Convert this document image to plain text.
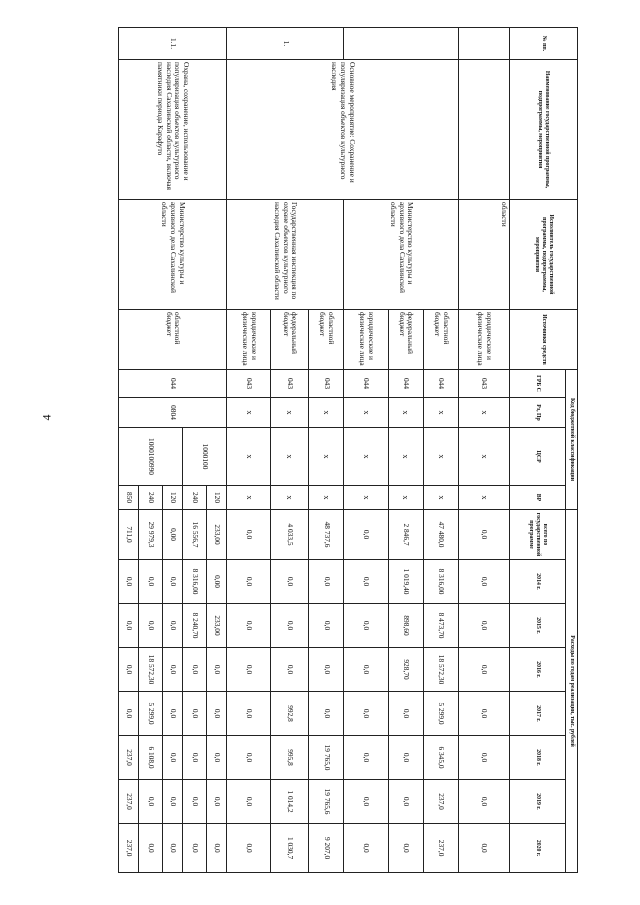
4
№ пп.	Наименование государственной программы, подпрограммы, мероприятия	Исполнитель государственной программы, подпрограммы, мероприятия	Источники средств	Код бюджетной классификации				Расходы по годам реализации, тыс. рублей							
				ГРБ С	Рз, Пр	ЦСР	ВР	всего по государственной программе	2014 г.	2015 г.	2016 г.	2017 г.	2018 г.	2019 г.	2020 г.
		области	юридические и физические лица	043	х	х	х	0,0	0,0	0,0	0,0	0,0	0,0	0,0	0,0
	Основное мероприятие: Сохранение и популяризация объектов культурного наследия	Министерство культуры и архивного дела Сахалинской области	областной бюджет	044	х	х	х	47 480,0	8 316,00	8 473,70	18 572,30	5 299,0	6 345,0	237,0	237,0
			федеральный бюджет	044	х	х	х	2 846,7	1 019,40	898,60	928,70	0,0	0,0	0,0	0,0
			юридические и физические лица	044	х	х	х	0,0	0,0	0,0	0,0	0,0	0,0	0,0	0,0
1.		Государственная инспекция по охране объектов культурного наследия Сахалинской области	областной бюджет	043	х	х	х	48 737,6	0,0	0,0	0,0	0,0	19 765,0	19 765,6	9 207,0
			федеральный бюджет	043	х	х	х	4 033,5	0,0	0,0	0,0	992,8	995,8	1 014,2	1 030,7
			юридические и физические лица	043	х	х	х	0,0	0,0	0,0	0,0	0,0	0,0	0,0	0,0
1.1.	Охрана, сохранение, использование и популяризация объектов культурного наследия Сахалинской области, включая памятники периода Карафуто	Министерство культуры и архивного дела Сахалинской области	областной бюджет	044	0804	1000100	120	233,00	0,00	233,00	0,0	0,0	0,0	0,0	0,0
							240	16 556,7	8 316,00	8 240,70	0,0	0,0	0,0	0,0	0,0
						1000100990	120	0,00	0,0	0,0	0,0	0,0	0,0	0,0	0,0
							240	29 979,3	0,0	0,0	18 572,30	5 299,0	6 108,0	0,0	0,0
							850	711,0	0,0	0,0	0,0	0,0	237,0	237,0	237,0
